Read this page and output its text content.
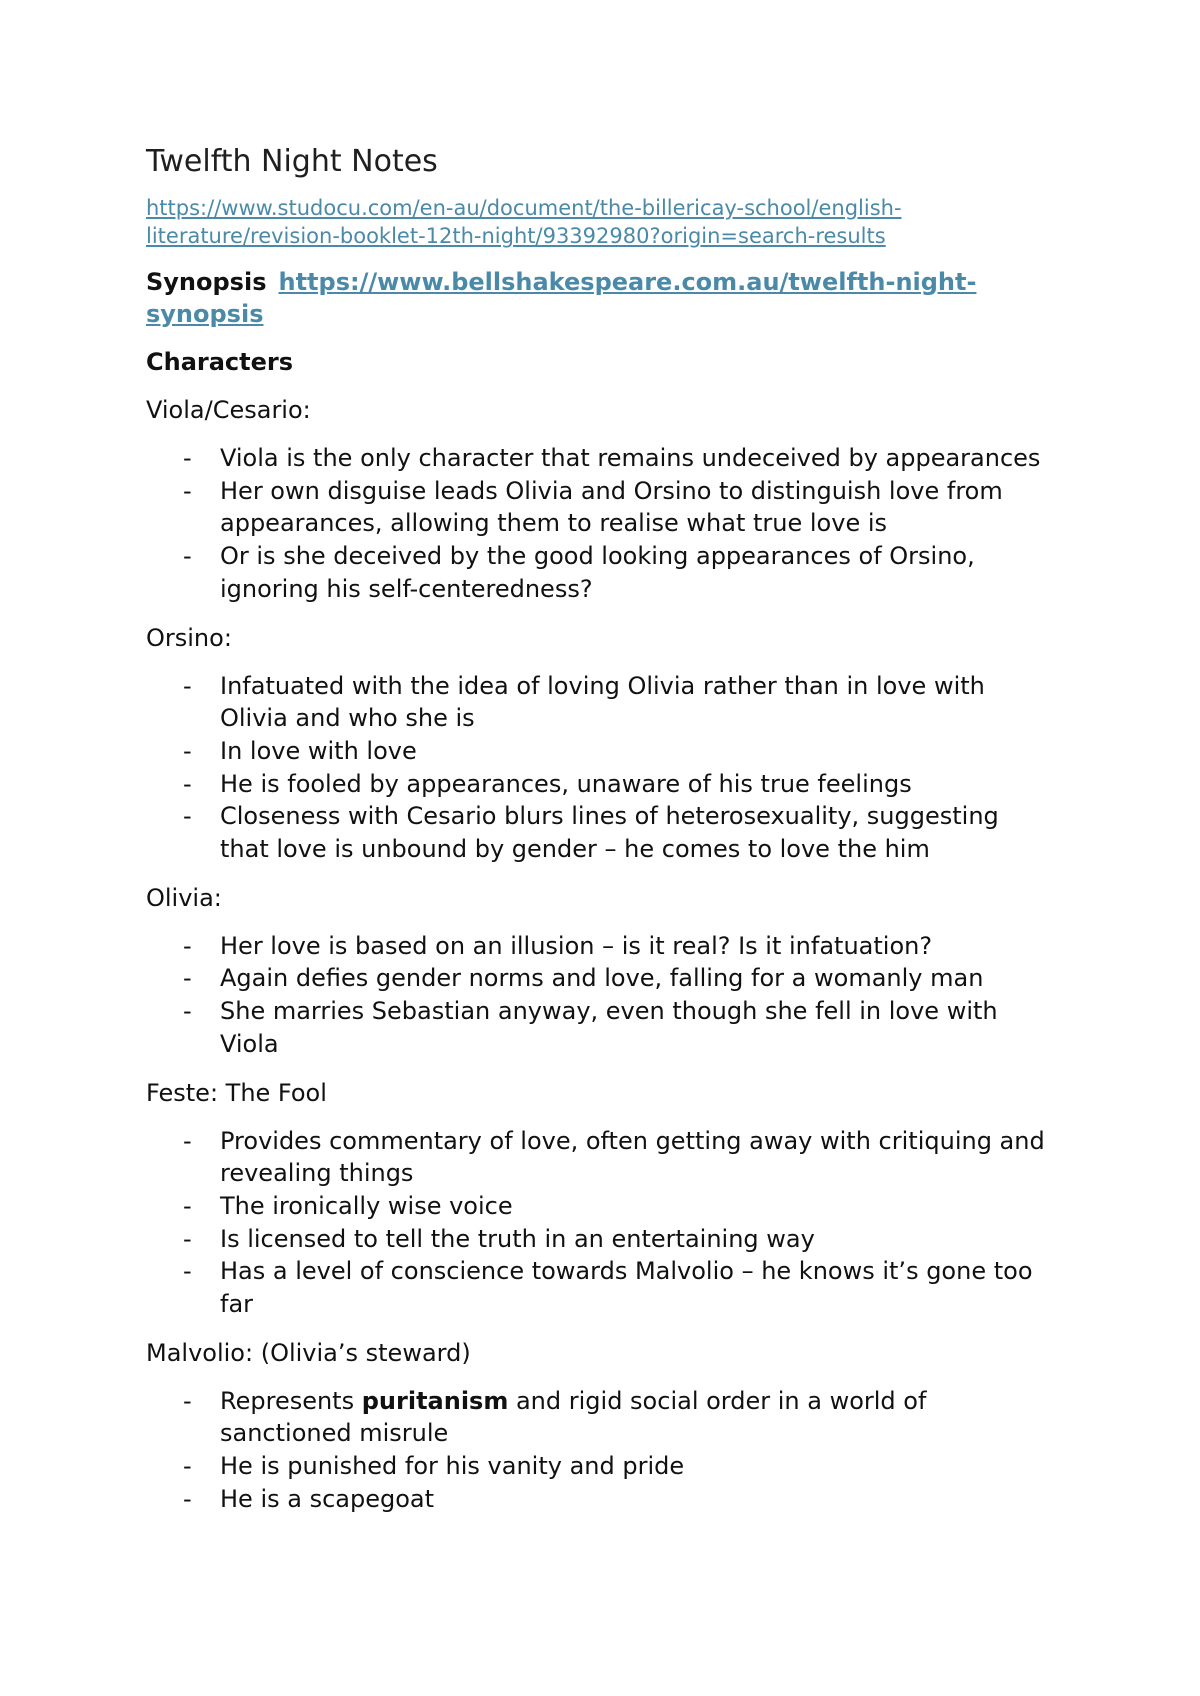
Twelfth Night Notes
https://www.studocu.com/en-au/document/the-billericay-school/english-
literature/revision-booklet-12th-night/93392980?origin=search-results
Synopsis https://www.bellshakespeare.com.au/twelfth-night-
synopsis
Characters
Viola/Cesario:
- Viola is the only character that remains undeceived by appearances
- Her own disguise leads Olivia and Orsino to distinguish love from
appearances, allowing them to realise what true love is
- Or is she deceived by the good looking appearances of Orsino,
ignoring his self-centeredness?
Orsino:
- Infatuated with the idea of loving Olivia rather than in love with
Olivia and who she is
- In love with love
- He is fooled by appearances, unaware of his true feelings
- Closeness with Cesario blurs lines of heterosexuality, suggesting
that love is unbound by gender – he comes to love the him
Olivia:
- Her love is based on an illusion – is it real? Is it infatuation?
- Again defies gender norms and love, falling for a womanly man
- She marries Sebastian anyway, even though she fell in love with
Viola
Feste: The Fool
- Provides commentary of love, often getting away with critiquing and
revealing things
- The ironically wise voice
- Is licensed to tell the truth in an entertaining way
- Has a level of conscience towards Malvolio – he knows it’s gone too
far
Malvolio: (Olivia’s steward)
- Represents puritanism and rigid social order in a world of
sanctioned misrule
- He is punished for his vanity and pride
- He is a scapegoat
